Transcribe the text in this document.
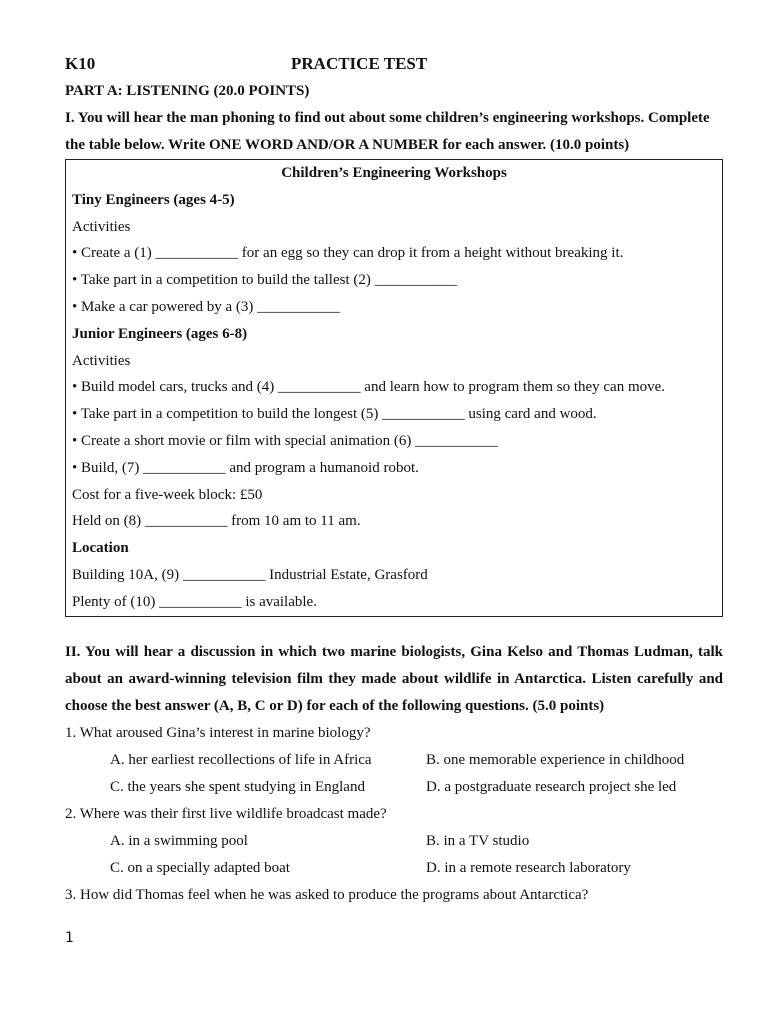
K10	PRACTICE TEST
PART A: LISTENING (20.0 POINTS)
I. You will hear the man phoning to find out about some children’s engineering workshops. Complete
the table below. Write ONE WORD AND/OR A NUMBER for each answer. (10.0 points)
Children’s Engineering Workshops
Tiny Engineers (ages 4-5)
Activities
• Create a (1) ___________ for an egg so they can drop it from a height without breaking it.
• Take part in a competition to build the tallest (2) ___________
• Make a car powered by a (3) ___________
Junior Engineers (ages 6-8)
Activities
• Build model cars, trucks and (4) ___________ and learn how to program them so they can move.
• Take part in a competition to build the longest (5) ___________ using card and wood.
• Create a short movie or film with special animation (6) ___________
• Build, (7) ___________ and program a humanoid robot.
Cost for a five-week block: £50
Held on (8) ___________ from 10 am to 11 am.
Location
Building 10A, (9) ___________ Industrial Estate, Grasford
Plenty of (10) ___________ is available.
II. You will hear a discussion in which two marine biologists, Gina Kelso and Thomas Ludman, talk about an award-winning television film they made about wildlife in Antarctica. Listen carefully and choose the best answer (A, B, C or D) for each of the following questions. (5.0 points)
1. What aroused Gina’s interest in marine biology?
A. her earliest recollections of life in Africa	B. one memorable experience in childhood
C. the years she spent studying in England	D. a postgraduate research project she led
2. Where was their first live wildlife broadcast made?
A. in a swimming pool	B. in a TV studio
C. on a specially adapted boat	D. in a remote research laboratory
3. How did Thomas feel when he was asked to produce the programs about Antarctica?
1
